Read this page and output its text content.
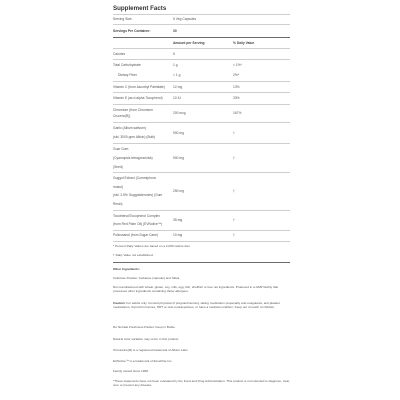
Supplement Facts
Serving Size:	5 Veg Capsules
Servings Per Container:	30
Amount per Serving	% Daily Value
Calories	5
Total Carbohydrate	1 g	< 1%*
Dietary Fiber	< 1 g	2%*
Vitamin C (from Ascorbyl Palmitate) 12 mg	13%
Vitamin E (as d-alpha Tocopherol)	10 IU	33%
Chromium (from Chromium
Crucera(R))
200 mcg	167%
Garlic (Allium sativum)
(std. 3000 ppm Allicin) (Bulb)
900 mg	†
Guar Gum
(Cyamopsis tetragonoloba)
(Seed)
900 mg	†
Guggul Extract (Commiphora
mukul)
(std. 2.5% Guggulsterones) (Gum
Resin)
250 mg	†
Tocotrienol/Tocopherol Complex
(from Red Palm Oil) (EVNolive™)
35 mg	†
Policosanol (from Sugar Cane)	10 mg	†
* Percent Daily Values are based on a 2,000 calorie diet.
† Daily Value not established.
Other Ingredients:
Cellulose Powder, Cellulose (capsule) and Silica.
Not manufactured with wheat, gluten, soy, milk, egg, fish, shellfish or tree nut ingredients. Produced in a GMP facility that processes other ingredients containing these allergens.
Caution: For adults only. Consult physician if pregnant/nursing, taking medication (especially anti-coagulants, anti-platelet medications, thyroid hormones, HRT or oral contraceptives, or have a medical condition. Keep out of reach of children.
Do Not Eat Freshness Packet. Keep in Bottle.
Natural color variation may occur in this product.
Chrotucine(R) is a registered trademark of Albion Labs
EVNolive™ is a trademark of ExcelVite Inc.
Family owned since 1968.
*These statements have not been evaluated by the Food and Drug Administration. This product is not intended to diagnose, treat, cure or prevent any disease.
